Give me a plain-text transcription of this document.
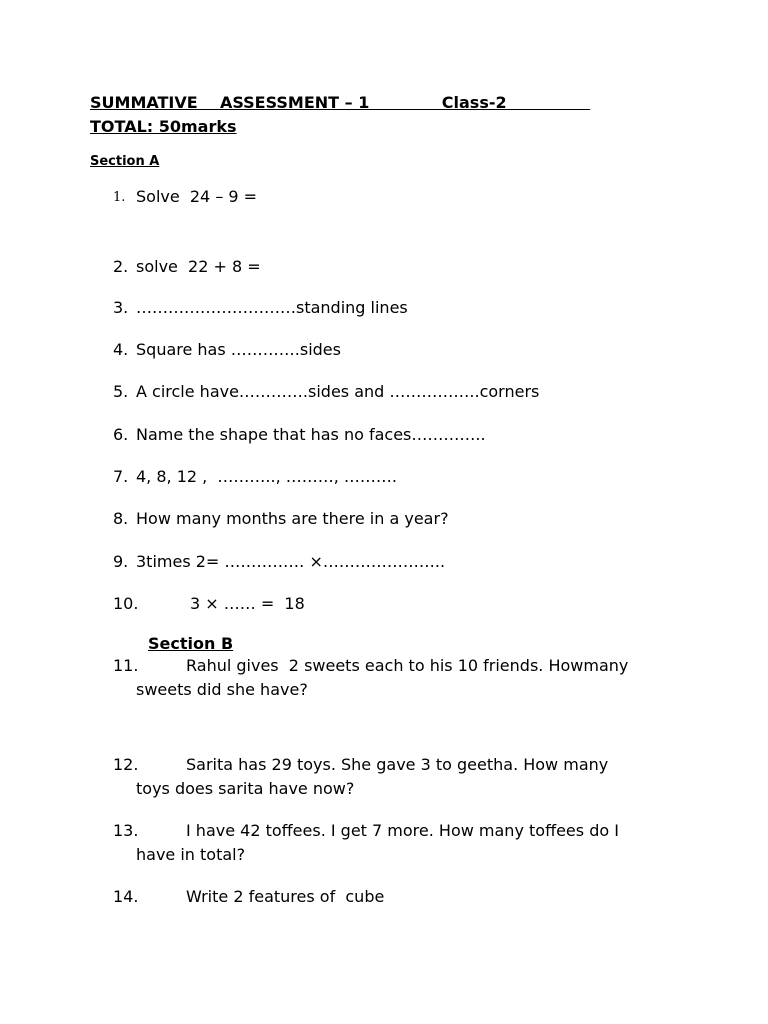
SUMMATIVE    ASSESSMENT – 1             Class-2
TOTAL: 50marks
Section A
1. Solve  24 – 9 =
2. solve  22 + 8 =
3. …………………………standing lines
4. Square has ………….sides
5. A circle have………….sides and ……………..corners
6. Name the shape that has no faces…………..
7. 4, 8, 12 ,  ……….., ………, ……….
8. How many months are there in a year?
9. 3times 2= …………… ×…………………..
10.	3 × …… =  18
Section B
11.	Rahul gives  2 sweets each to his 10 friends. Howmany
sweets did she have?
12.	Sarita has 29 toys. She gave 3 to geetha. How many
toys does sarita have now?
13.	I have 42 toffees. I get 7 more. How many toffees do I
have in total?
14.	Write 2 features of  cube
